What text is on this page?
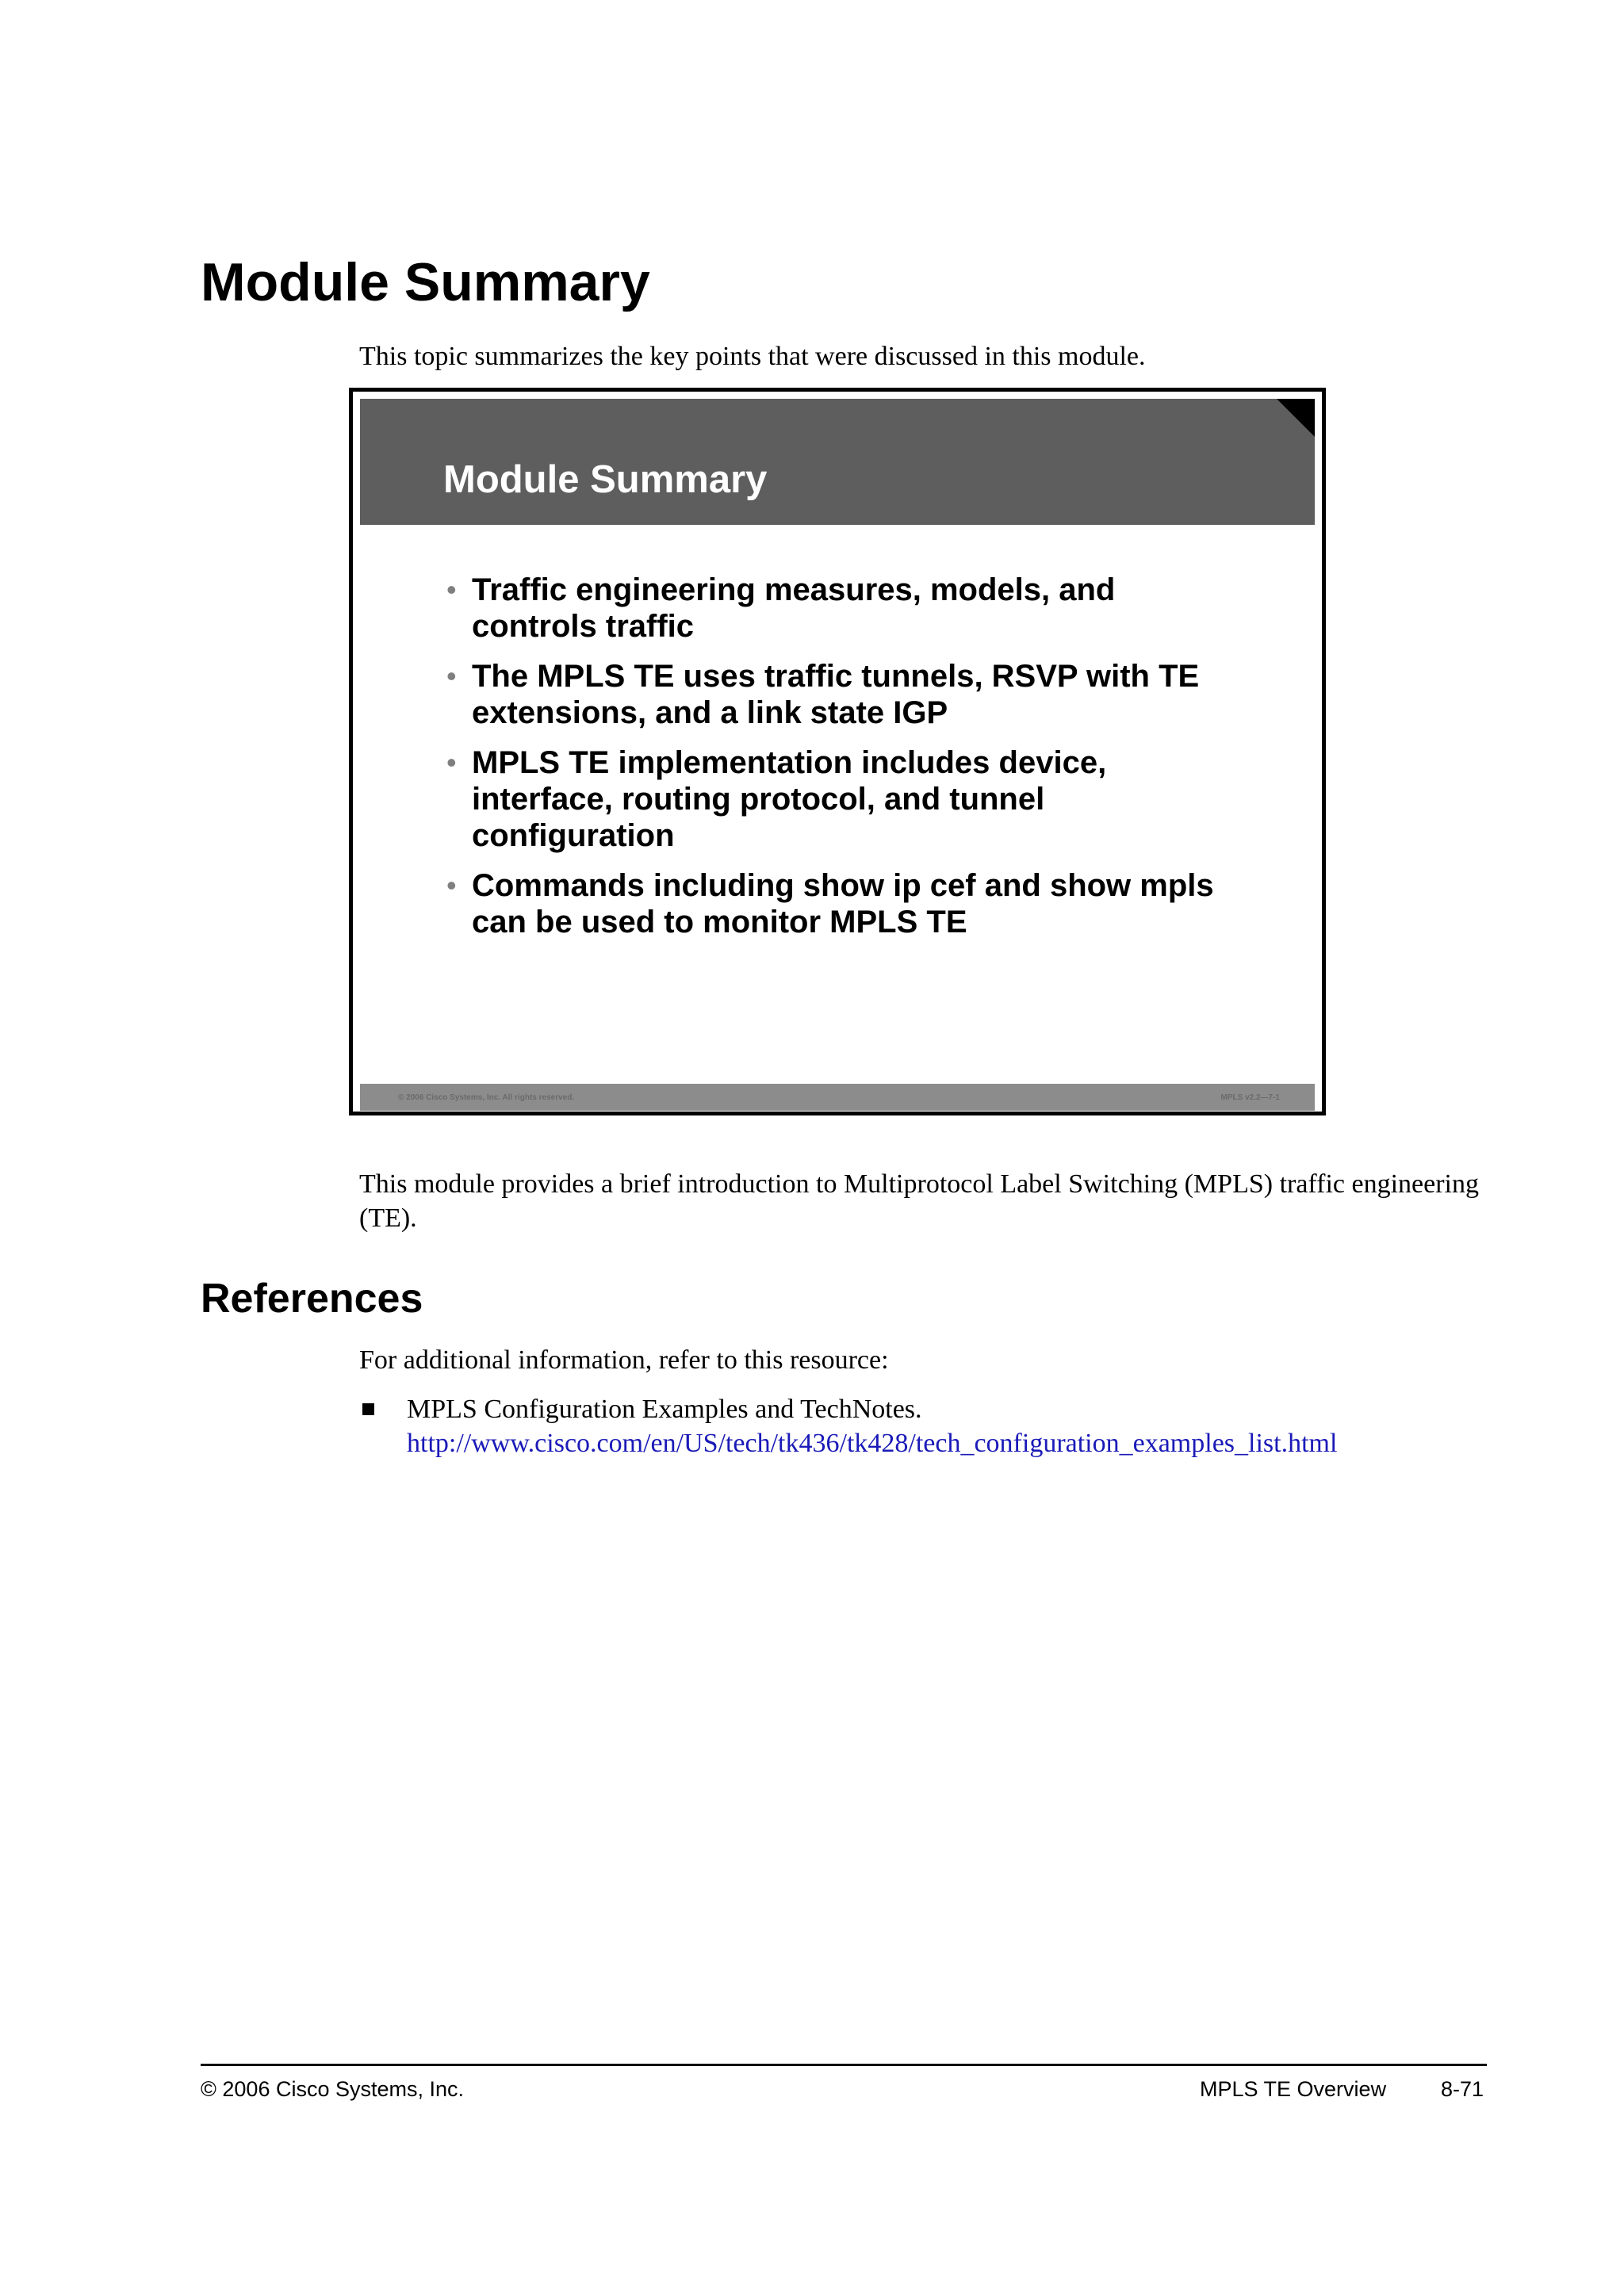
Module Summary

This topic summarizes the key points that were discussed in this module.

Module Summary
• Traffic engineering measures, models, and controls traffic
• The MPLS TE uses traffic tunnels, RSVP with TE extensions, and a link state IGP
• MPLS TE implementation includes device, interface, routing protocol, and tunnel configuration
• Commands including show ip cef and show mpls can be used to monitor MPLS TE
© 2006 Cisco Systems, Inc. All rights reserved.	MPLS v2.2—7-1

This module provides a brief introduction to Multiprotocol Label Switching (MPLS) traffic engineering (TE).

References

For additional information, refer to this resource:

MPLS Configuration Examples and TechNotes.
http://www.cisco.com/en/US/tech/tk436/tk428/tech_configuration_examples_list.html
© 2006 Cisco Systems, Inc.	MPLS TE Overview	8-71
